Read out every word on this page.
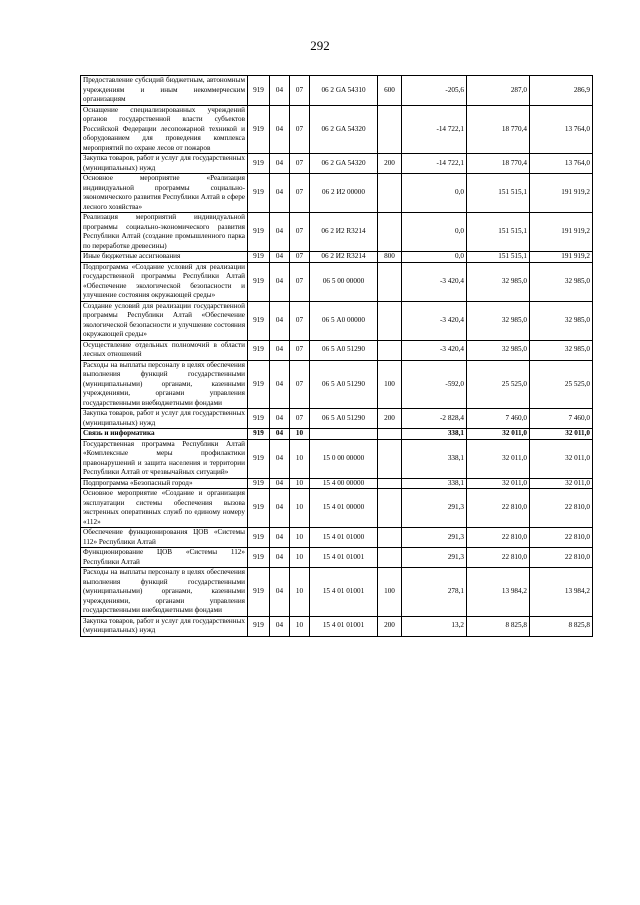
292
Предоставление субсидий бюджетным, автономным учреждениям и иным некоммерческим организациям	919	04	07	06 2 GA 54310	600	-205,6	287,0	286,9
Оснащение специализированных учреждений органов государственной власти субъектов Российской Федерации лесопожарной техникой и оборудованием для проведения комплекса мероприятий по охране лесов от пожаров	919	04	07	06 2 GA 54320		-14 722,1	18 770,4	13 764,0
Закупка товаров, работ и услуг для государственных (муниципальных) нужд	919	04	07	06 2 GA 54320	200	-14 722,1	18 770,4	13 764,0
Основное мероприятие «Реализация индивидуальной программы социально-экономического развития Республики Алтай в сфере лесного хозяйства»	919	04	07	06 2 И2 00000		0,0	151 515,1	191 919,2
Реализация мероприятий индивидуальной программы социально-экономического развития Республики Алтай (создание промышленного парка по переработке древесины)	919	04	07	06 2 И2 R3214		0,0	151 515,1	191 919,2
Иные бюджетные ассигнования	919	04	07	06 2 И2 R3214	800	0,0	151 515,1	191 919,2
Подпрограмма «Создание условий для реализации государственной программы Республики Алтай «Обеспечение экологической безопасности и улучшение состояния окружающей среды»	919	04	07	06 5 00 00000		-3 420,4	32 985,0	32 985,0
Создание условий для реализации государственной программы Республики Алтай «Обеспечение экологической безопасности и улучшение состояния окружающей среды»	919	04	07	06 5 А0 00000		-3 420,4	32 985,0	32 985,0
Осуществление отдельных полномочий в области лесных отношений	919	04	07	06 5 А0 51290		-3 420,4	32 985,0	32 985,0
Расходы на выплаты персоналу в целях обеспечения выполнения функций государственными (муниципальными) органами, казенными учреждениями, органами управления государственными внебюджетными фондами	919	04	07	06 5 А0 51290	100	-592,0	25 525,0	25 525,0
Закупка товаров, работ и услуг для государственных (муниципальных) нужд	919	04	07	06 5 А0 51290	200	-2 828,4	7 460,0	7 460,0
Связь и информатика	919	04	10			338,1	32 011,0	32 011,0
Государственная программа Республики Алтай «Комплексные меры профилактики правонарушений и защита населения и территории Республики Алтай от чрезвычайных ситуаций»	919	04	10	15 0 00 00000		338,1	32 011,0	32 011,0
Подпрограмма «Безопасный город»	919	04	10	15 4 00 00000		338,1	32 011,0	32 011,0
Основное мероприятие «Создание и организация эксплуатации системы обеспечения вызова экстренных оперативных служб по единому номеру «112»	919	04	10	15 4 01 00000		291,3	22 810,0	22 810,0
Обеспечение функционирования ЦОВ «Системы 112» Республики Алтай	919	04	10	15 4 01 01000		291,3	22 810,0	22 810,0
Функционирование ЦОВ «Системы 112» Республики Алтай	919	04	10	15 4 01 01001		291,3	22 810,0	22 810,0
Расходы на выплаты персоналу в целях обеспечения выполнения функций государственными (муниципальными) органами, казенными учреждениями, органами управления государственными внебюджетными фондами	919	04	10	15 4 01 01001	100	278,1	13 984,2	13 984,2
Закупка товаров, работ и услуг для государственных (муниципальных) нужд	919	04	10	15 4 01 01001	200	13,2	8 825,8	8 825,8
